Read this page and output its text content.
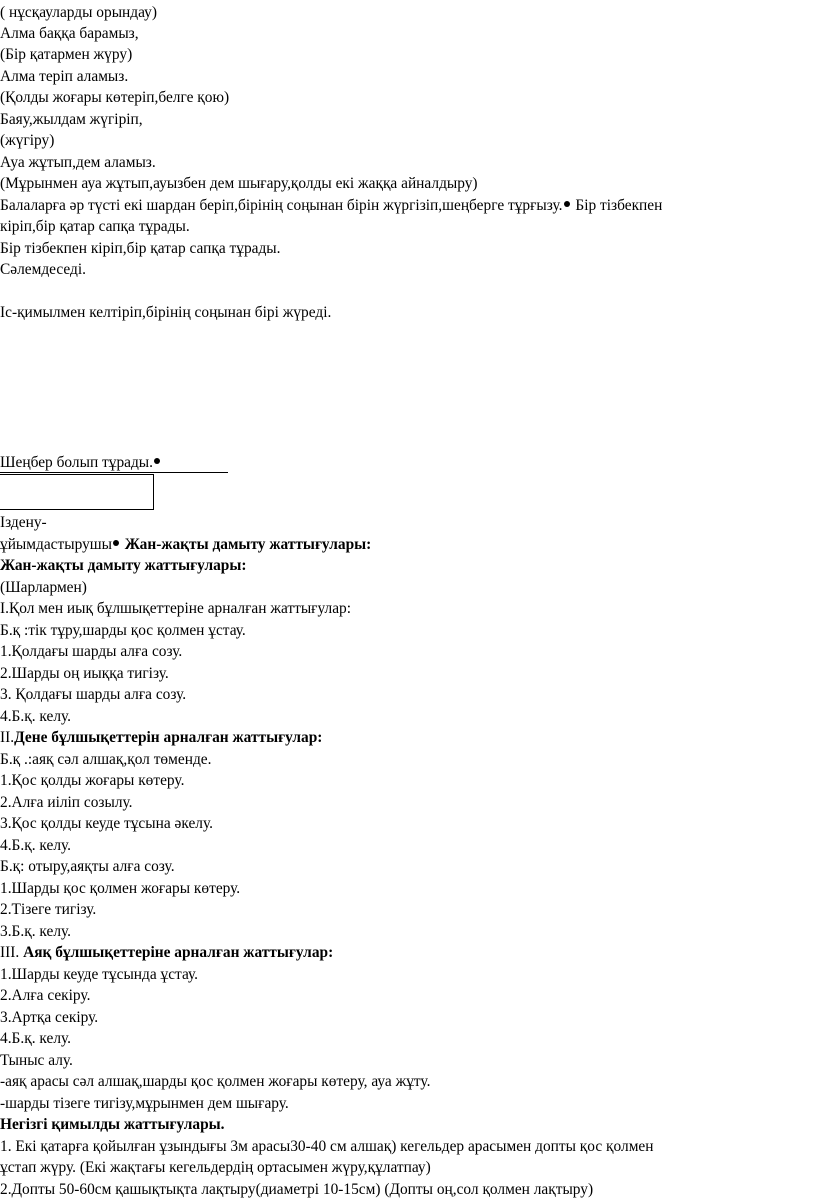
( нұсқауларды орындау)
Алма баққа барамыз,
(Бір қатармен жүру)
Алма теріп аламыз.
(Қолды жоғары көтеріп,белге қою)
Баяу,жылдам жүгіріп,
(жүгіру)
Ауа жұтып,дем аламыз.
(Мұрынмен ауа жұтып,ауызбен дем шығару,қолды екі жаққа айналдыру)
Балаларға әр түсті екі шардан беріп,бірінің соңынан бірін жүргізіп,шеңберге тұрғызу. Бір тізбекпен
кіріп,бір қатар сапқа тұрады.
Бір тізбекпен кіріп,бір қатар сапқа тұрады.
Сәлемдеседі.
Іс-қимылмен келтіріп,бірінің соңынан бірі жүреді.
Шеңбер болып тұрады.
Іздену-
ұйымдастырушы Жан-жақты дамыту жаттығулары:
Жан-жақты дамыту жаттығулары:
(Шарлармен)
І.Қол мен иық бұлшықеттеріне арналған жаттығулар:
Б.қ :тік тұру,шарды қос қолмен ұстау.
1.Қолдағы шарды алға созу.
2.Шарды оң иыққа тигізу.
3. Қолдағы шарды алға созу.
4.Б.қ. келу.
ІІ.Дене бұлшықеттерін арналған жаттығулар:
Б.қ .:аяқ сәл алшақ,қол төменде.
1.Қос қолды жоғары көтеру.
2.Алға иіліп созылу.
3.Қос қолды кеуде тұсына әкелу.
4.Б.қ. келу.
Б.қ: отыру,аяқты алға созу.
1.Шарды қос қолмен жоғары көтеру.
2.Тізеге тигізу.
3.Б.қ. келу.
ІІІ. Аяқ бұлшықеттеріне арналған жаттығулар:
1.Шарды кеуде тұсында ұстау.
2.Алға секіру.
3.Артқа секіру.
4.Б.қ. келу.
Тыныс алу.
-аяқ арасы сәл алшақ,шарды қос қолмен жоғары көтеру, ауа жұту.
-шарды тізеге тигізу,мұрынмен дем шығару.
Негізгі қимылды жаттығулары.
1. Екі қатарға қойылған ұзындығы 3м арасы30-40 см алшақ) кегельдер арасымен допты қос қолмен
ұстап жүру. (Екі жақтағы кегельдердің ортасымен жүру,құлатпау)
2.Допты 50-60см қашықтықта лақтыру(диаметрі 10-15см) (Допты оң,сол қолмен лақтыру)
